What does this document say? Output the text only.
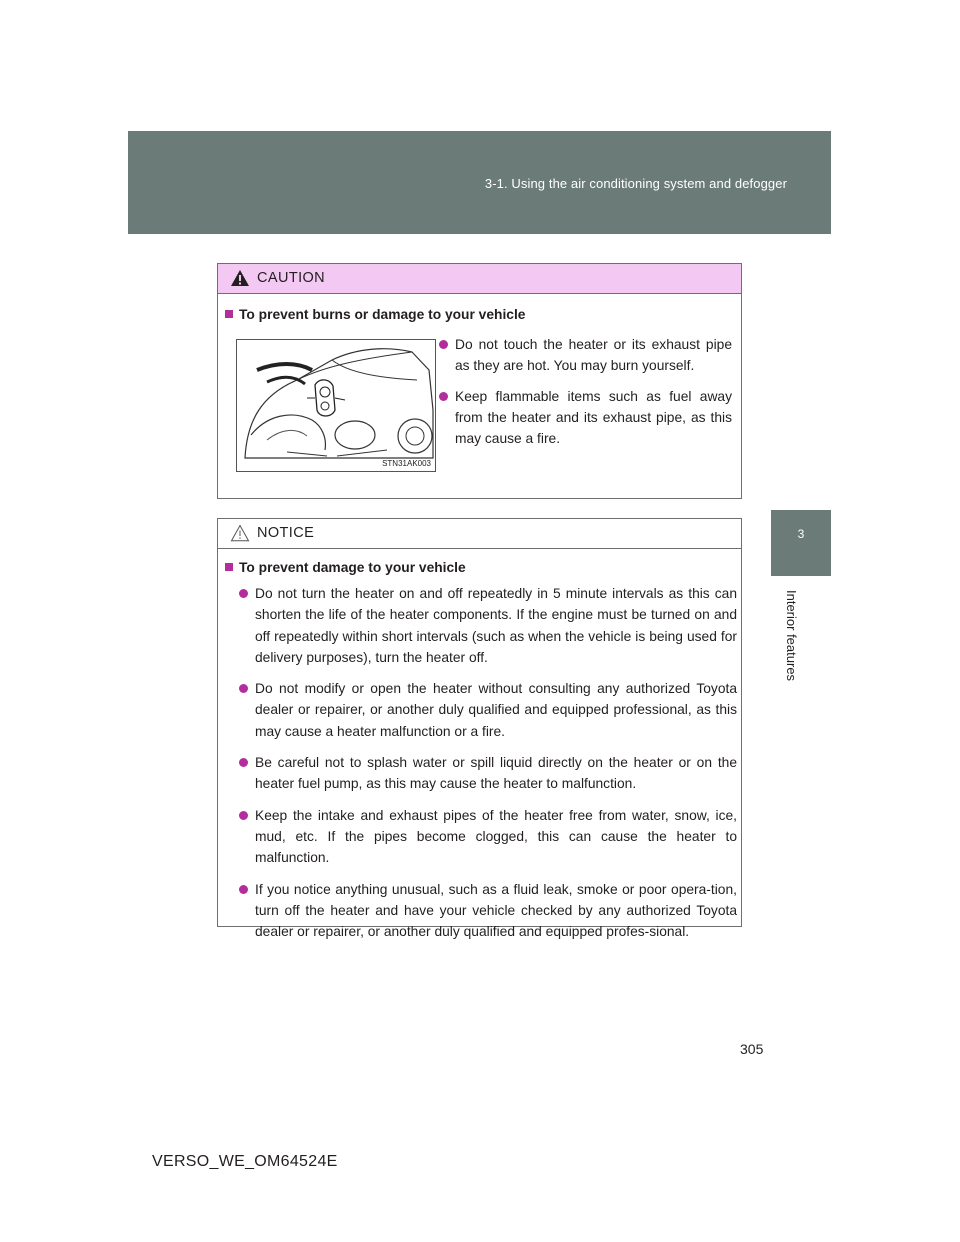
3-1. Using the air conditioning system and defogger
3
Interior features
CAUTION
To prevent burns or damage to your vehicle
STN31AK003
Do not touch the heater or its exhaust pipe as they are hot. You may burn yourself.
Keep flammable items such as fuel away from the heater and its exhaust pipe, as this may cause a fire.
NOTICE
To prevent damage to your vehicle
Do not turn the heater on and off repeatedly in 5 minute intervals as this can shorten the life of the heater components. If the engine must be turned on and off repeatedly within short intervals (such as when the vehicle is being used for delivery purposes), turn the heater off.
Do not modify or open the heater without consulting any authorized Toyota dealer or repairer, or another duly qualified and equipped professional, as this may cause a heater malfunction or a fire.
Be careful not to splash water or spill liquid directly on the heater or on the heater fuel pump, as this may cause the heater to malfunction.
Keep the intake and exhaust pipes of the heater free from water, snow, ice, mud, etc. If the pipes become clogged, this can cause the heater to malfunction.
If you notice anything unusual, such as a fluid leak, smoke or poor opera-tion, turn off the heater and have your vehicle checked by any authorized Toyota dealer or repairer, or another duly qualified and equipped profes-sional.
305
VERSO_WE_OM64524E
